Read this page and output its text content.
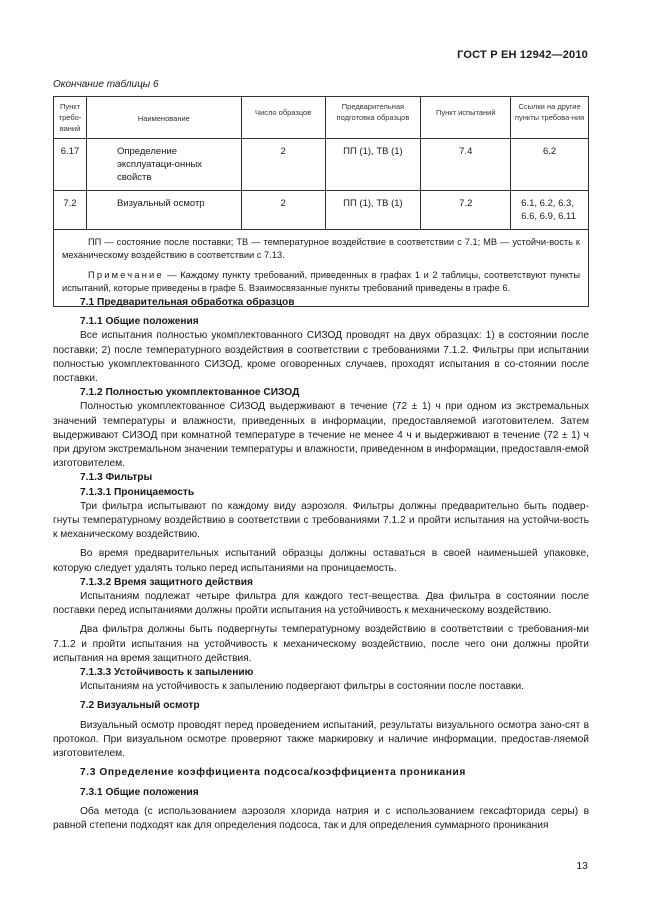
ГОСТ Р ЕН 12942—2010
Окончание таблицы 6
Пункт требо-ваний	Наименование	Число образцов	Предварительная подготовка образцов	Пункт испытаний	Ссылки на другие пункты требова-ния
6.17	Определение эксплуатаци-онных свойств	2	ПП (1), ТВ (1)	7.4	6.2
7.2	Визуальный осмотр	2	ПП (1), ТВ (1)	7.2	6.1, 6.2, 6.3, 6.6, 6.9, 6.11

ПП — состояние после поставки; ТВ — температурное воздействие в соответствии с 7.1; МВ — устойчи-вость к механическому воздействию в соответствии с 7.13.

Примечание — Каждому пункту требований, приведенных в графах 1 и 2 таблицы, соответствуют пункты испытаний, которые приведены в графе 5. Взаимосвязанные пункты требований приведены в графе 6.					

7.1 Предварительная обработка образцов

7.1.1 Общие положения

Все испытания полностью укомплектованного СИЗОД проводят на двух образцах: 1) в состоянии после поставки; 2) после температурного воздействия в соответствии с требованиями 7.1.2. Фильтры при испытании полностью укомплектованного СИЗОД, кроме оговоренных случаев, проходят испытания в со-стоянии после поставки.

7.1.2 Полностью укомплектованное СИЗОД

Полностью укомплектованное СИЗОД выдерживают в течение (72 ± 1) ч при одном из экстремальных значений температуры и влажности, приведенных в информации, предоставляемой изготовителем. Затем выдерживают СИЗОД при комнатной температуре в течение не менее 4 ч и выдерживают в течение (72 ± 1) ч при другом экстремальном значении температуры и влажности, приведенном в информации, предоставля-емой изготовителем.

7.1.3 Фильтры

7.1.3.1 Проницаемость

Три фильтра испытывают по каждому виду аэрозоля. Фильтры должны предварительно быть подвер-гнуты температурному воздействию в соответствии с требованиями 7.1.2 и пройти испытания на устойчи-вость к механическому воздействию.

Во время предварительных испытаний образцы должны оставаться в своей наименьшей упаковке, которую следует удалять только перед испытаниями на проницаемость.

7.1.3.2 Время защитного действия

Испытаниям подлежат четыре фильтра для каждого тест-вещества. Два фильтра в состоянии после поставки перед испытаниями должны пройти испытания на устойчивость к механическому воздействию.

Два фильтра должны быть подвергнуты температурному воздействию в соответствии с требования-ми 7.1.2 и пройти испытания на устойчивость к механическому воздействию, после чего они должны пройти испытания на время защитного действия.

7.1.3.3 Устойчивость к запылению

Испытаниям на устойчивость к запылению подвергают фильтры в состоянии после поставки.

7.2 Визуальный осмотр

Визуальный осмотр проводят перед проведением испытаний, результаты визуального осмотра зано-сят в протокол. При визуальном осмотре проверяют также маркировку и наличие информации, предостав-ляемой изготовителем.

7.3 Определение коэффициента подсоса/коэффициента проникания

7.3.1 Общие положения

Оба метода (с использованием аэрозоля хлорида натрия и с использованием гексафторида серы) в равной степени подходят как для определения подсоса, так и для определения суммарного проникания

13
